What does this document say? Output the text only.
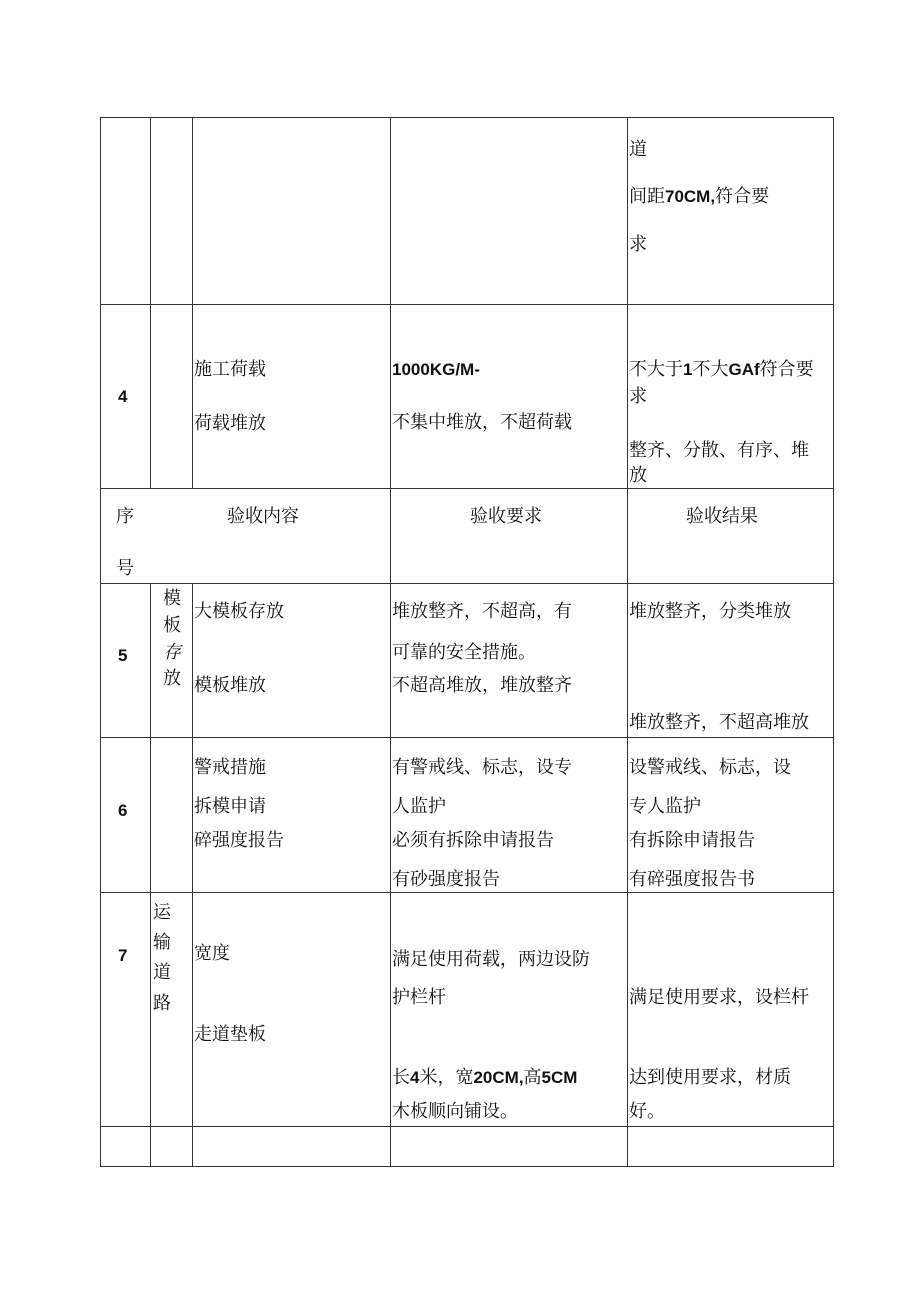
道
间距70CM,符合要
求
4
施工荷载
荷载堆放
1000KG/M-
不集中堆放，不超荷载
不大于1不大GAf符合要
求
整齐、分散、有序、堆
放
序
号
验收内容	验收要求	验收结果
5
模
板
存
放
大模板存放
模板堆放
堆放整齐，不超高，有
可靠的安全措施。
不超高堆放，堆放整齐
堆放整齐，分类堆放
堆放整齐，不超高堆放
6
警戒措施
拆模申请
碎强度报告
有警戒线、标志，设专
人监护
必须有拆除申请报告
有砂强度报告
设警戒线、标志，设
专人监护
有拆除申请报告
有碎强度报告书
7
运
输
道
路
宽度
走道垫板
满足使用荷载，两边设防
护栏杆
长4米，宽20CM,高5CM
木板顺向铺设。
满足使用要求，设栏杆
达到使用要求，材质
好。
